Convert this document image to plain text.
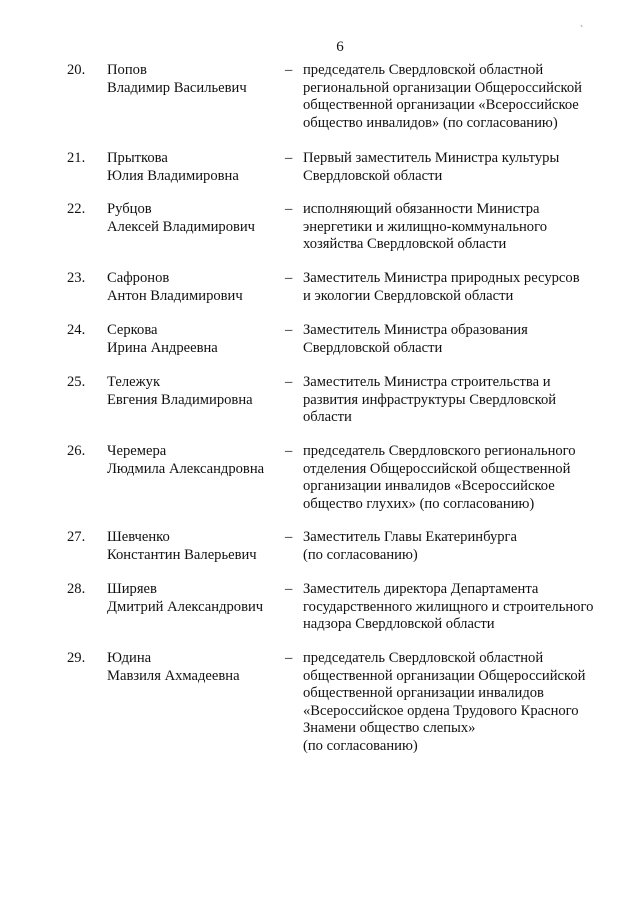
6
`
20. Попов
Владимир Васильевич
– председатель Свердловской областной
региональной организации Общероссийской
общественной организации «Всероссийское
общество инвалидов» (по согласованию)
21. Прыткова
Юлия Владимировна
– Первый заместитель Министра культуры
Свердловской области
22. Рубцов
Алексей Владимирович
– исполняющий обязанности Министра
энергетики и жилищно-коммунального
хозяйства Свердловской области
23. Сафронов
Антон Владимирович
– Заместитель Министра природных ресурсов
и экологии Свердловской области
24. Серкова
Ирина Андреевна
– Заместитель Министра образования
Свердловской области
25. Тележук
Евгения Владимировна
– Заместитель Министра строительства и
развития инфраструктуры Свердловской
области
26. Черемера
Людмила Александровна
– председатель Свердловского регионального
отделения Общероссийской общественной
организации инвалидов «Всероссийское
общество глухих» (по согласованию)
27. Шевченко
Константин Валерьевич
– Заместитель Главы Екатеринбурга
(по согласованию)
28. Ширяев
Дмитрий Александрович
– Заместитель директора Департамента
государственного жилищного и строительного
надзора Свердловской области
29. Юдина
Мавзиля Ахмадеевна
– председатель Свердловской областной
общественной организации Общероссийской
общественной организации инвалидов
«Всероссийское ордена Трудового Красного
Знамени общество слепых»
(по согласованию)
